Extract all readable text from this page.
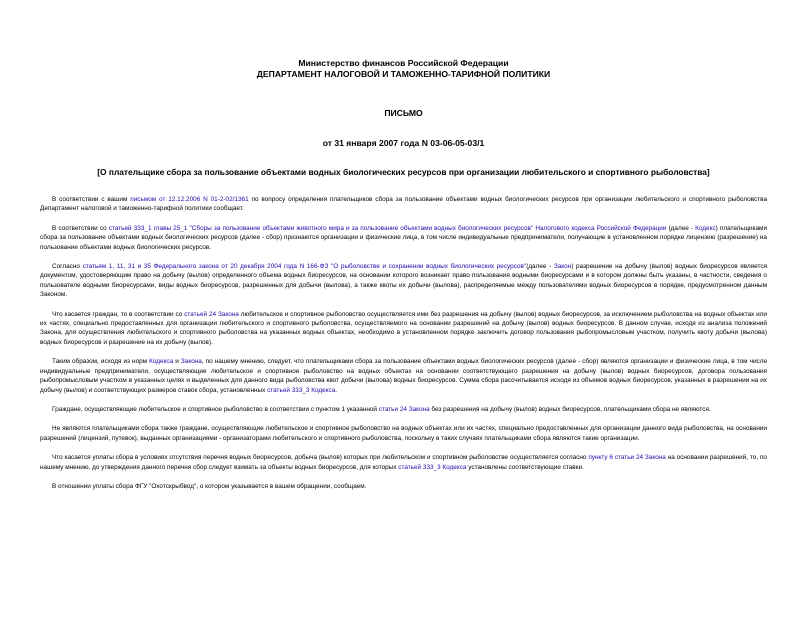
Министерство финансов Российской Федерации
ДЕПАРТАМЕНТ НАЛОГОВОЙ И ТАМОЖЕННО-ТАРИФНОЙ ПОЛИТИКИ
ПИСЬМО
от 31 января 2007 года N 03-06-05-03/1
[О плательщике сбора за пользование объектами водных биологических ресурсов при организации любительского и спортивного рыболовства]

В соответствии с вашим письмом от 12.12.2006 N 01-2-02/1361 по вопросу определения плательщиков сбора за пользование объектами водных биологических ресурсов при организации любительского и спортивного рыболовства Департамент налоговой и таможенно-тарифной политики сообщает.

В соответствии со статьей 333_1 главы 25_1 "Сборы за пользование объектами животного мира и за пользование объектами водных биологических ресурсов" Налогового кодекса Российской Федерации (далее - Кодекс) плательщиками сбора за пользование объектами водных биологических ресурсов (далее - сбор) признаются организации и физические лица, в том числе индивидуальные предприниматели, получающие в установленном порядке лицензию (разрешение) на пользование объектами водных биологических ресурсов.

Согласно статьям 1, 11, 31 и 35 Федерального закона от 20 декабря 2004 года N 166-ФЗ "О рыболовстве и сохранении водных биологических ресурсов"(далее - Закон) разрешение на добычу (вылов) водных биоресурсов является документом, удостоверяющим право на добычу (вылов) определенного объема водных биоресурсов, на основании которого возникает право пользования водными биоресурсами и в котором должны быть указаны, в частности, сведения о пользователе водными биоресурсами, виды водных биоресурсов, разрешенных для добычи (вылова), а также квоты их добычи (вылова), распределяемые между пользователями водных биоресурсов в порядке, предусмотренном данным Законом.

Что касается граждан, то в соответствии со статьей 24 Закона любительское и спортивное рыболовство осуществляется ими без разрешения на добычу (вылов) водных биоресурсов, за исключением рыболовства на водных объектах или их частях, специально предоставленных для организации любительского и спортивного рыболовства, осуществляемого на основании разрешений на добычу (вылов) водных биоресурсов. В данном случае, исходя из анализа положений Закона, для осуществления любительского и спортивного рыболовства на указанных водных объектах, необходимо в установленном порядке заключить договор пользования рыбопромысловым участком, получить квоту добычи (вылова) водных биоресурсов и разрешение на их добычу (вылов).

Таким образом, исходя из норм Кодекса и Закона, по нашему мнению, следует, что плательщиками сбора за пользование объектами водных биологических ресурсов (далее - сбор) являются организации и физические лица, в том числе индивидуальные предприниматели, осуществляющие любительское и спортивное рыболовство на водных объектах на основании соответствующего разрешения на добычу (вылов) водных биоресурсов, договора пользования рыбопромысловым участком в указанных целях и выделенных для данного вида рыболовства квот добычи (вылова) водных биоресурсов. Сумма сбора рассчитывается исходя из объемов водных биоресурсов, указанных в разрешении на их добычу (вылов) и соответствующих размеров ставок сбора, установленных статьей 333_3 Кодекса.

Граждане, осуществляющие любительское и спортивное рыболовство в соответствии с пунктом 1 указанной статьи 24 Закона без разрешения на добычу (вылов) водных биоресурсов, плательщиками сбора не являются.

Не являются плательщиками сбора также граждане, осуществляющие любительское и спортивное рыболовство на водных объектах или их частях, специально предоставленных для организации данного вида рыболовства, на основании разрешений (лицензий, путевок), выданных организациями - организаторами любительского и спортивного рыболовства, поскольку в таких случаях плательщиками сбора являются такие организации.

Что касается уплаты сбора в условиях отсутствия перечня водных биоресурсов, добыча (вылов) которых при любительском и спортивном рыболовстве осуществляется согласно пункту 6 статьи 24 Закона на основании разрешений, то, по нашему мнению, до утверждения данного перечня сбор следует взимать за объекты водных биоресурсов, для которых статьей 333_3 Кодекса установлены соответствующие ставки.

В отношении уплаты сбора ФГУ "Охотскрыбвод", о котором указывается в вашем обращении, сообщаем.
